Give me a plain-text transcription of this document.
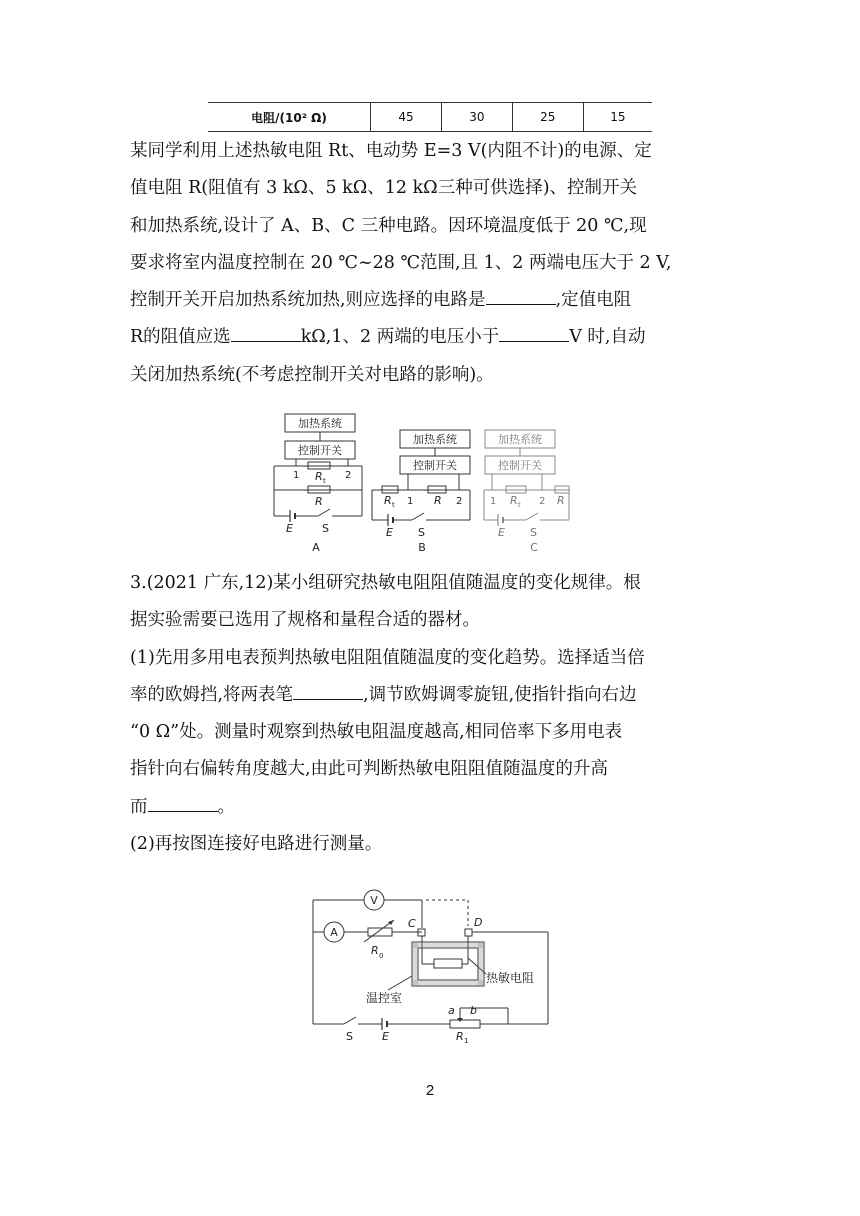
电阻/(10² Ω)	45	30	25	15
某同学利用上述热敏电阻 Rt、电动势 E=3 V(内阻不计)的电源、定
值电阻 R(阻值有 3 kΩ、5 kΩ、12 kΩ三种可供选择)、控制开关
和加热系统,设计了 A、B、C 三种电路。因环境温度低于 20 ℃,现
要求将室内温度控制在 20 ℃~28 ℃范围,且 1、2 两端电压大于 2 V,
控制开关开启加热系统加热,则应选择的电路是	,定值电阻
R的阻值应选	kΩ,1、2 两端的电压小于	V 时,自动
关闭加热系统(不考虑控制开关对电路的影响)。
加热系统
控制开关
1	2
R t
R
E	S
A
加热系统
控制开关
R t 1 R 2
E S
B
加热系统
控制开关
1 R t 2 R
E S
C
3.(2021 广东,12)某小组研究热敏电阻阻值随温度的变化规律。根
据实验需要已选用了规格和量程合适的器材。
(1)先用多用电表预判热敏电阻阻值随温度的变化趋势。选择适当倍
率的欧姆挡,将两表笔	,调节欧姆调零旋钮,使指针指向右边
“0 Ω”处。测量时观察到热敏电阻温度越高,相同倍率下多用电表
指针向右偏转角度越大,由此可判断热敏电阻阻值随温度的升高
而	。
(2)再按图连接好电路进行测量。
V
A
R 0
C	D
热敏电阻
温控室
a b
S	E	R 1
2
